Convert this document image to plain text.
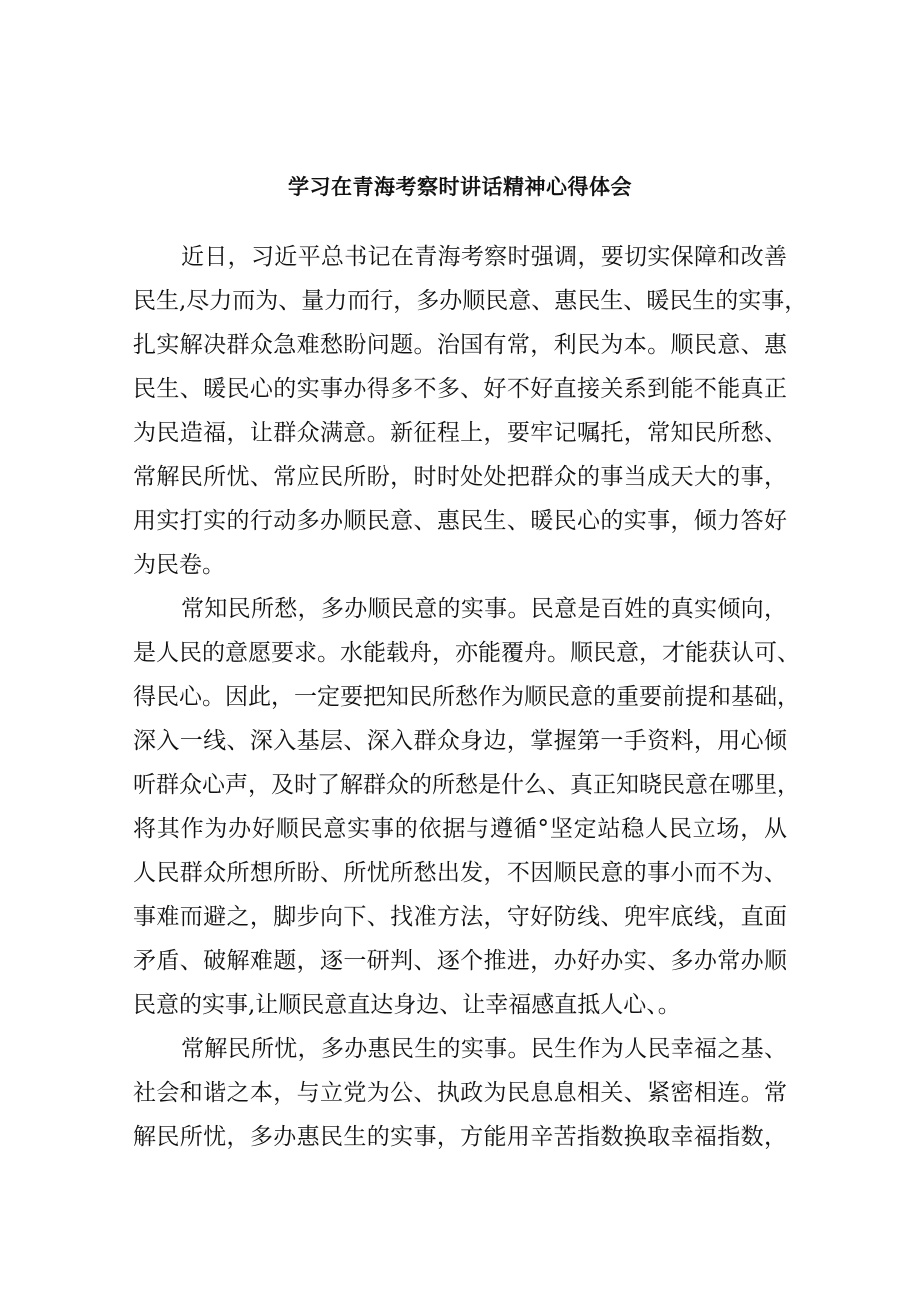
学习在青海考察时讲话精神心得体会
近日，习近平总书记在青海考察时强调，要切实保障和改善
民生,尽力而为、量力而行，多办顺民意、惠民生、暖民生的实事，
扎实解决群众急难愁盼问题。治国有常，利民为本。顺民意、惠
民生、暖民心的实事办得多不多、好不好直接关系到能不能真正
为民造福，让群众满意。新征程上，要牢记嘱托，常知民所愁、
常解民所忧、常应民所盼，时时处处把群众的事当成天大的事，
用实打实的行动多办顺民意、惠民生、暖民心的实事，倾力答好
为民卷。
常知民所愁，多办顺民意的实事。民意是百姓的真实倾向，
是人民的意愿要求。水能载舟，亦能覆舟。顺民意，才能获认可、
得民心。因此，一定要把知民所愁作为顺民意的重要前提和基础，
深入一线、深入基层、深入群众身边，掌握第一手资料，用心倾
听群众心声，及时了解群众的所愁是什么、真正知晓民意在哪里，
将其作为办好顺民意实事的依据与遵循°坚定站稳人民立场，从
人民群众所想所盼、所忧所愁出发，不因顺民意的事小而不为、
事难而避之，脚步向下、找准方法，守好防线、兜牢底线，直面
矛盾、破解难题，逐一研判、逐个推进，办好办实、多办常办顺
民意的实事,让顺民意直达身边、让幸福感直抵人心、。
常解民所忧，多办惠民生的实事。民生作为人民幸福之基、
社会和谐之本，与立党为公、执政为民息息相关、紧密相连。常
解民所忧，多办惠民生的实事，方能用辛苦指数换取幸福指数，
